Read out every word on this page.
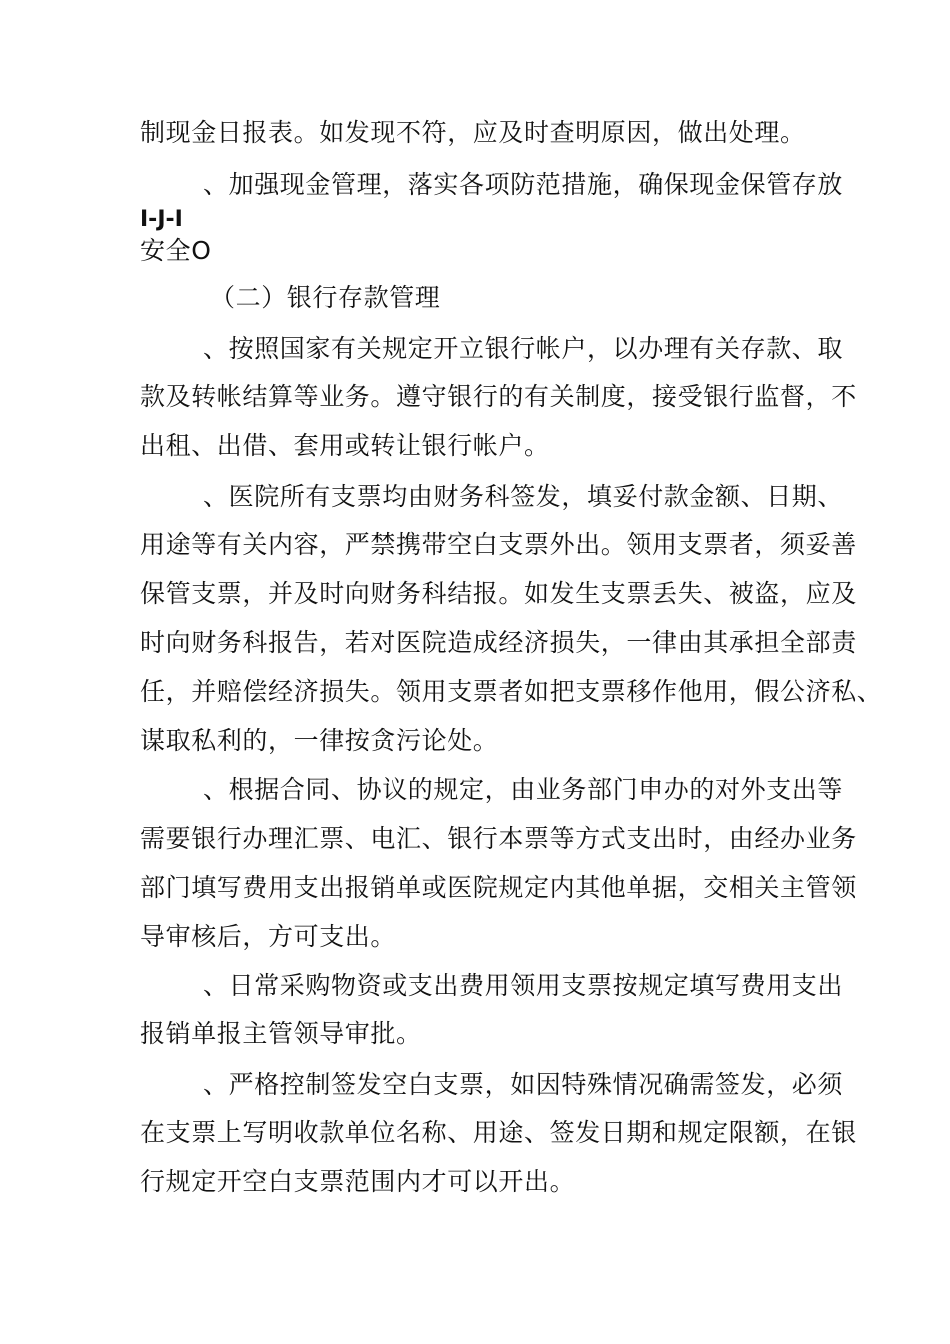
制现金日报表。如发现不符，应及时查明原因，做出处理。
、加强现金管理，落实各项防范措施，确保现金保管存放
I-J-I
安全O
（二）银行存款管理
、按照国家有关规定开立银行帐户，以办理有关存款、取
款及转帐结算等业务。遵守银行的有关制度，接受银行监督，不
出租、出借、套用或转让银行帐户。
、医院所有支票均由财务科签发，填妥付款金额、日期、
用途等有关内容，严禁携带空白支票外出。领用支票者，须妥善
保管支票，并及时向财务科结报。如发生支票丢失、被盗，应及
时向财务科报告，若对医院造成经济损失，一律由其承担全部责
任，并赔偿经济损失。领用支票者如把支票移作他用，假公济私、
谋取私利的，一律按贪污论处。
、根据合同、协议的规定，由业务部门申办的对外支出等
需要银行办理汇票、电汇、银行本票等方式支出时，由经办业务
部门填写费用支出报销单或医院规定内其他单据，交相关主管领
导审核后，方可支出。
、日常采购物资或支出费用领用支票按规定填写费用支出
报销单报主管领导审批。
、严格控制签发空白支票，如因特殊情况确需签发，必须
在支票上写明收款单位名称、用途、签发日期和规定限额，在银
行规定开空白支票范围内才可以开出。
